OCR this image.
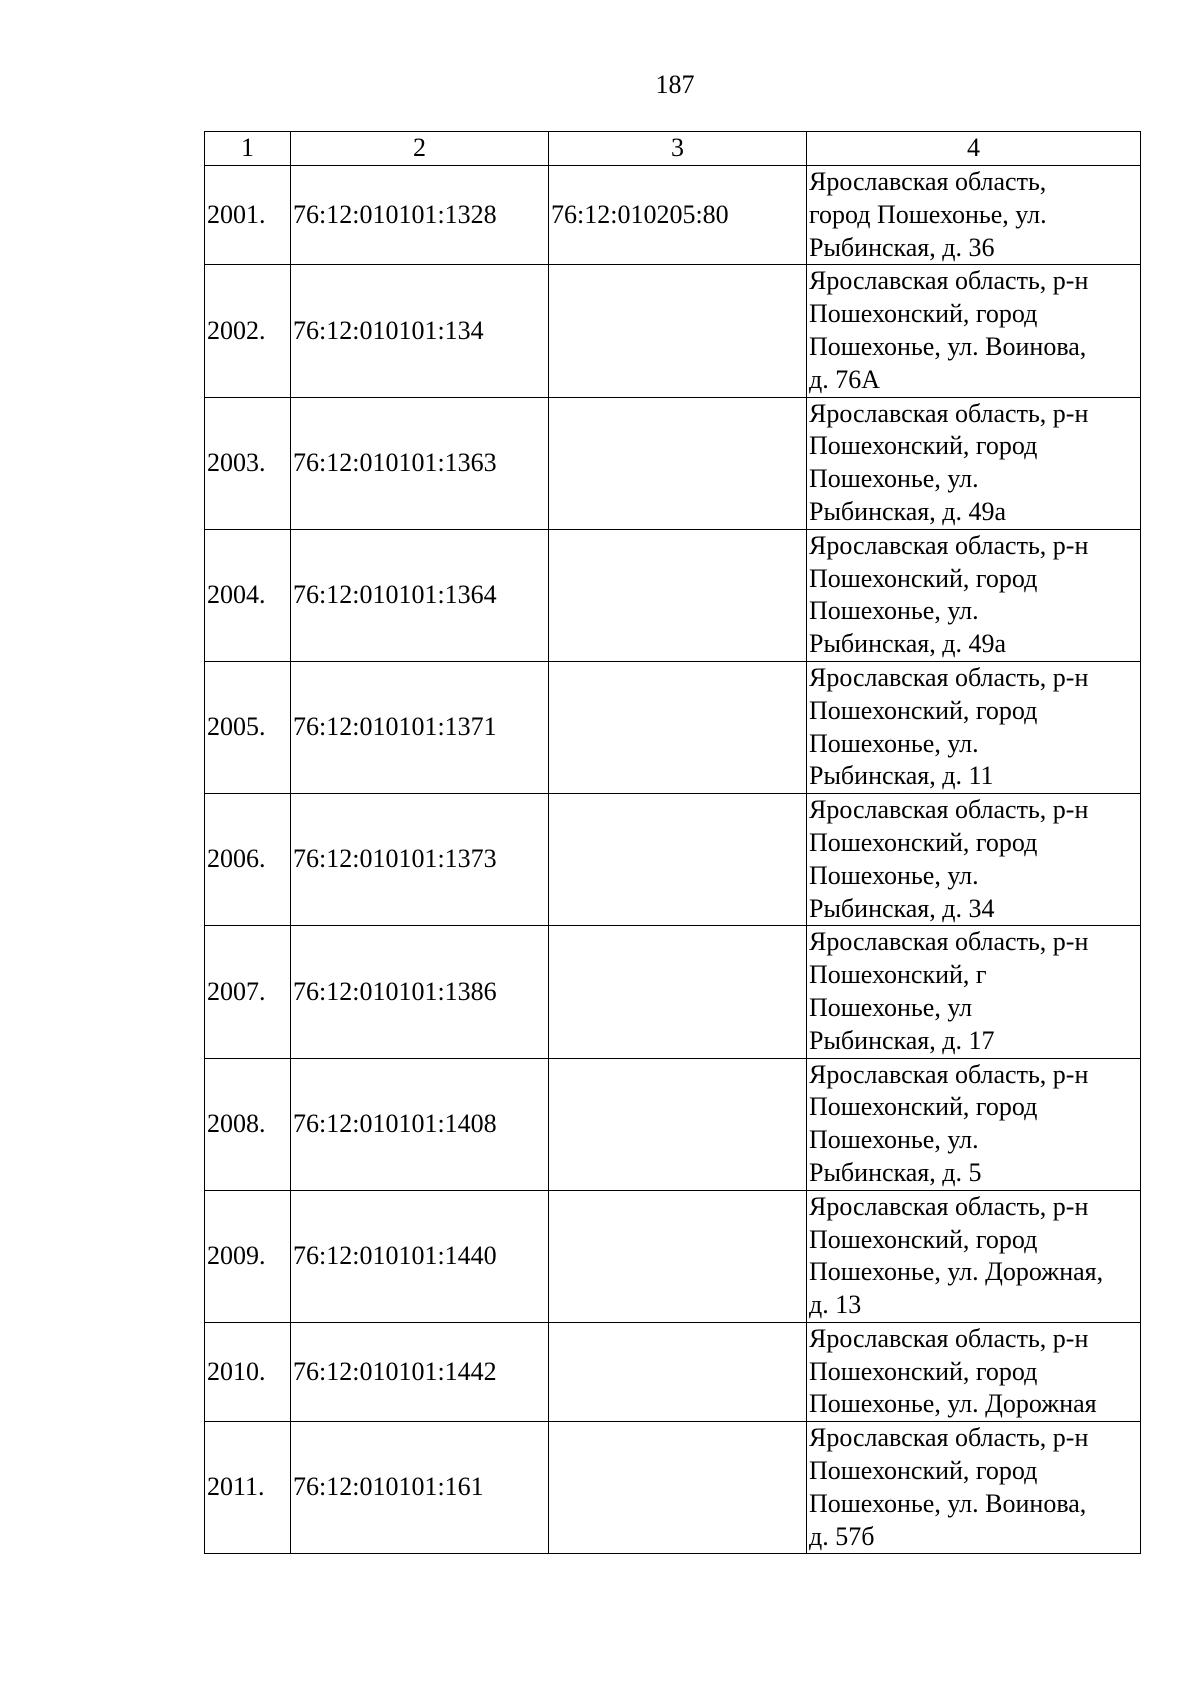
187
1	2	3	4
2001.	76:12:010101:1328	76:12:010205:80	Ярославская область,
город Пошехонье, ул.
Рыбинская, д. 36

2002.	76:12:010101:134		Ярославская область, р-н
Пошехонский, город
Пошехонье, ул. Воинова,
д. 76А

2003.	76:12:010101:1363		Ярославская область, р-н
Пошехонский, город
Пошехонье, ул.
Рыбинская, д. 49а

2004.	76:12:010101:1364		Ярославская область, р-н
Пошехонский, город
Пошехонье, ул.
Рыбинская, д. 49а

2005.	76:12:010101:1371		Ярославская область, р-н
Пошехонский, город
Пошехонье, ул.
Рыбинская, д. 11

2006.	76:12:010101:1373		Ярославская область, р-н
Пошехонский, город
Пошехонье, ул.
Рыбинская, д. 34

2007.	76:12:010101:1386		Ярославская область, р-н
Пошехонский, г
Пошехонье, ул
Рыбинская, д. 17

2008.	76:12:010101:1408		Ярославская область, р-н
Пошехонский, город
Пошехонье, ул.
Рыбинская, д. 5

2009.	76:12:010101:1440		Ярославская область, р-н
Пошехонский, город
Пошехонье, ул. Дорожная,
д. 13

2010.	76:12:010101:1442		Ярославская область, р-н
Пошехонский, город
Пошехонье, ул. Дорожная

2011.	76:12:010101:161		Ярославская область, р-н
Пошехонский, город
Пошехонье, ул. Воинова,
д. 57б
